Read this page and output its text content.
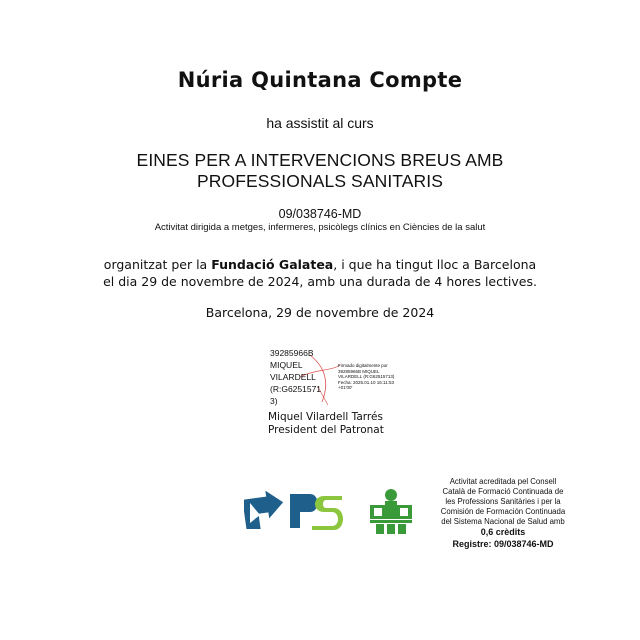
Núria Quintana Compte
ha assistit al curs
EINES PER A INTERVENCIONS BREUS AMB
PROFESSIONALS SANITARIS
09/038746-MD
Activitat dirigida a metges, infermeres, psicòlegs clínics en Ciències de la salut
organitzat per la Fundació Galatea, i que ha tingut lloc a Barcelona
el dia 29 de novembre de 2024, amb una durada de 4 hores lectives.
Barcelona, 29 de novembre de 2024
39285966B
MIQUEL
VILARDELL
(R:G6251571
3)
Firmado digitalmente por
39285966B MIQUEL
VILARDELL (R:G62515713)
Fecha: 2025.01.10 16:11:53
+01'00'
Miquel Vilardell Tarrés
President del Patronat
Activitat acreditada pel Consell
Català de Formació Continuada de
les Professions Sanitàries i per la
Comisión de Formación Continuada
del Sistema Nacional de Salud amb
0,6 crèdits
Registre: 09/038746-MD
